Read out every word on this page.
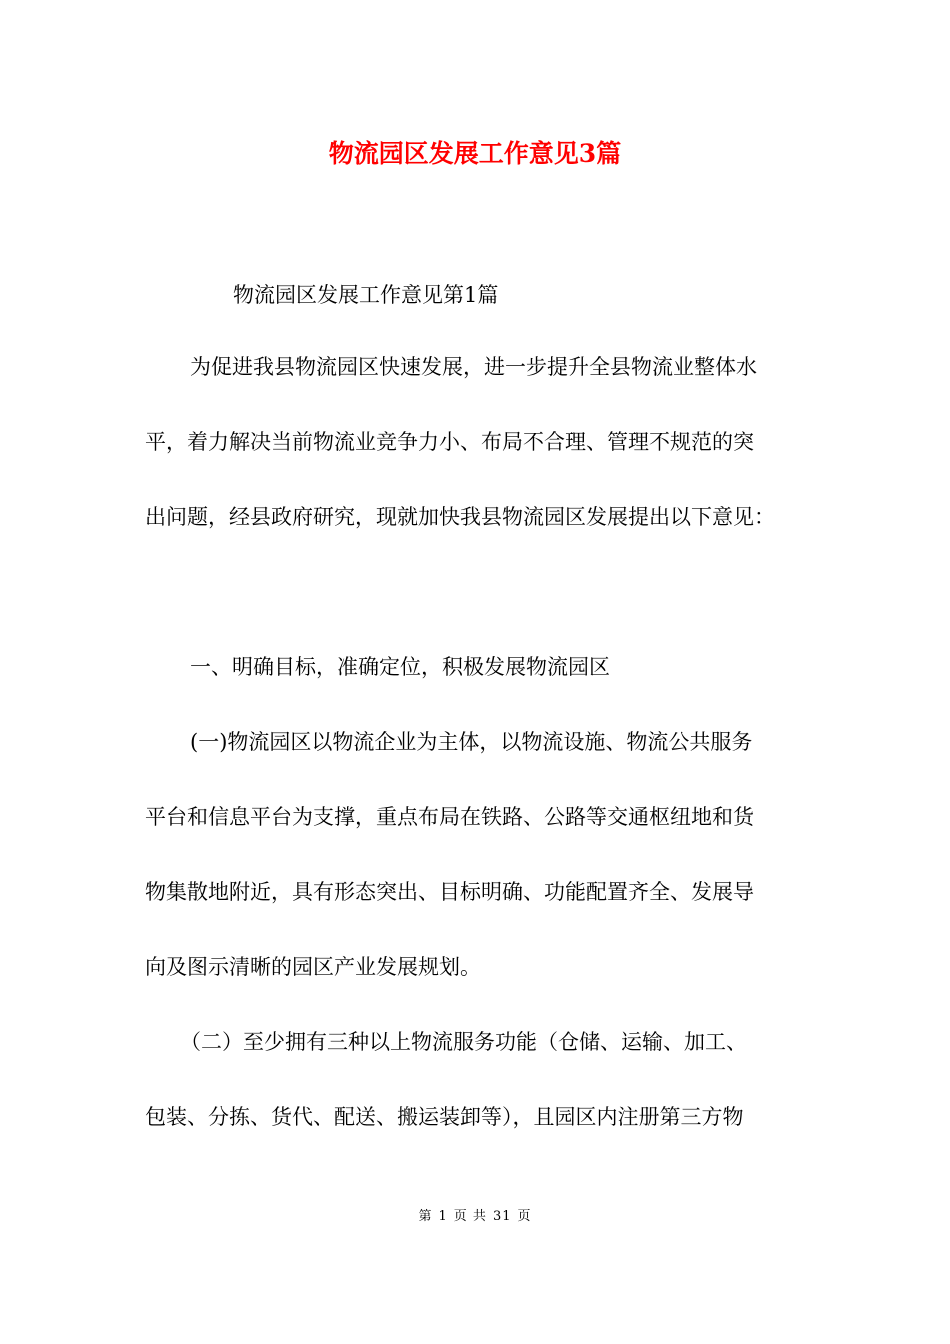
物流园区发展工作意见3篇

物流园区发展工作意见第1篇

为促进我县物流园区快速发展，进一步提升全县物流业整体水

平，着力解决当前物流业竞争力小、布局不合理、管理不规范的突

出问题，经县政府研究，现就加快我县物流园区发展提出以下意见：

一、明确目标，准确定位，积极发展物流园区

(一)物流园区以物流企业为主体，以物流设施、物流公共服务

平台和信息平台为支撑，重点布局在铁路、公路等交通枢纽地和货

物集散地附近，具有形态突出、目标明确、功能配置齐全、发展导

向及图示清晰的园区产业发展规划。

（二）至少拥有三种以上物流服务功能（仓储、运输、加工、

包装、分拣、货代、配送、搬运装卸等），且园区内注册第三方物

第 1 页 共 31 页
